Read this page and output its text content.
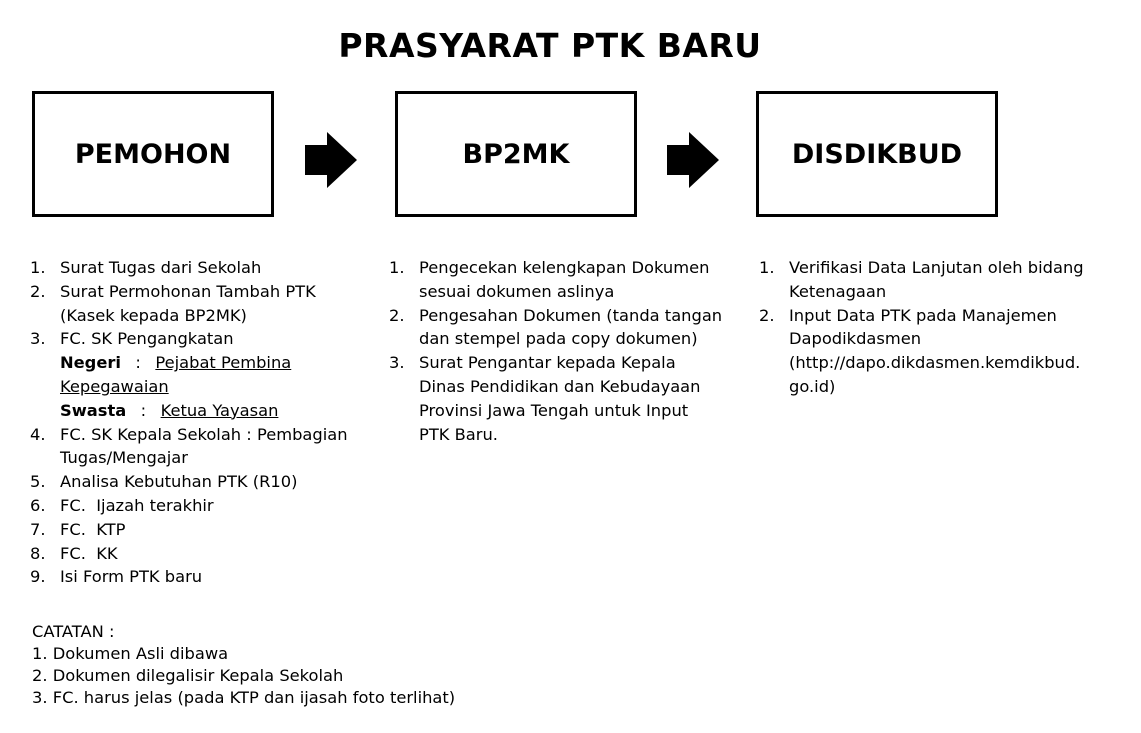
PRASYARAT PTK BARU
PEMOHON	BP2MK	DISDIKBUD
1. Surat Tugas dari Sekolah
2. Surat Permohonan Tambah PTK
(Kasek kepada BP2MK)
3. FC. SK Pengangkatan
Negeri : Pejabat Pembina
Kepegawaian
Swasta : Ketua Yayasan
4. FC. SK Kepala Sekolah : Pembagian
Tugas/Mengajar
5. Analisa Kebutuhan PTK (R10)
6. FC.  Ijazah terakhir
7. FC.  KTP
8. FC.  KK
9. Isi Form PTK baru
1. Pengecekan kelengkapan Dokumen
sesuai dokumen aslinya
2. Pengesahan Dokumen (tanda tangan
dan stempel pada copy dokumen)
3. Surat Pengantar kepada Kepala
Dinas Pendidikan dan Kebudayaan
Provinsi Jawa Tengah untuk Input
PTK Baru.
1. Verifikasi Data Lanjutan oleh bidang
Ketenagaan
2. Input Data PTK pada Manajemen
Dapodikdasmen
(http://dapo.dikdasmen.kemdikbud.
go.id)
CATATAN :
1. Dokumen Asli dibawa
2. Dokumen dilegalisir Kepala Sekolah
3. FC. harus jelas (pada KTP dan ijasah foto terlihat)
